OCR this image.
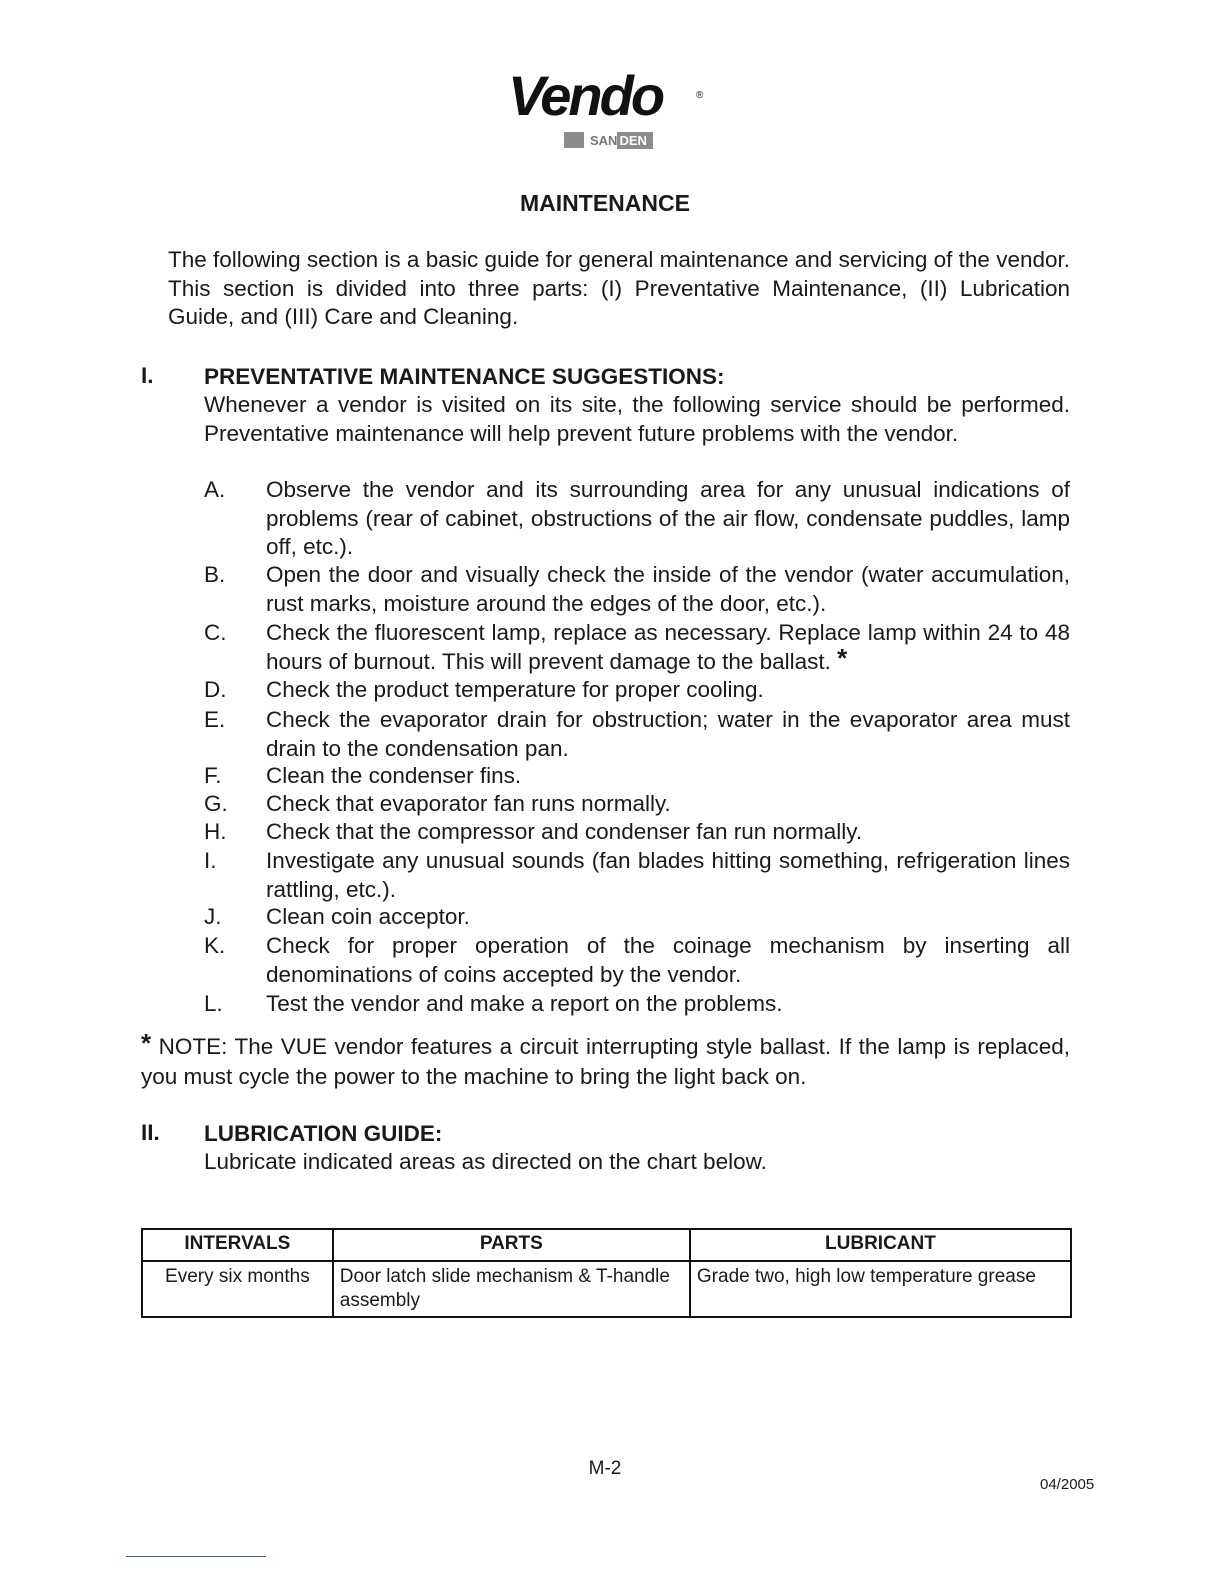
Vendo	®
SAN DEN
MAINTENANCE
The following section is a basic guide for general maintenance and servicing of the vendor. This section is divided into three parts: (I) Preventative Maintenance, (II) Lubrication Guide, and (III) Care and Cleaning.
I. PREVENTATIVE MAINTENANCE SUGGESTIONS:
Whenever a vendor is visited on its site, the following service should be performed. Preventative maintenance will help prevent future problems with the vendor.
A. Observe the vendor and its surrounding area for any unusual indications of problems (rear of cabinet, obstructions of the air flow, condensate puddles, lamp off, etc.).
B. Open the door and visually check the inside of the vendor (water accumulation, rust marks, moisture around the edges of the door, etc.).
C. Check the fluorescent lamp, replace as necessary. Replace lamp within 24 to 48 hours of burnout. This will prevent damage to the ballast. *
D. Check the product temperature for proper cooling.
E. Check the evaporator drain for obstruction; water in the evaporator area must drain to the condensation pan.
F. Clean the condenser fins.
G. Check that evaporator fan runs normally.
H. Check that the compressor and condenser fan run normally.
I. Investigate any unusual sounds (fan blades hitting something, refrigeration lines rattling, etc.).
J. Clean coin acceptor.
K. Check for proper operation of the coinage mechanism by inserting all denominations of coins accepted by the vendor.
L. Test the vendor and make a report on the problems.
* NOTE: The VUE vendor features a circuit interrupting style ballast. If the lamp is replaced, you must cycle the power to the machine to bring the light back on.
II. LUBRICATION GUIDE:
Lubricate indicated areas as directed on the chart below.
INTERVALS	PARTS	LUBRICANT
Every six months	Door latch slide mechanism & T-handle assembly	Grade two, high low temperature grease
M-2
04/2005
